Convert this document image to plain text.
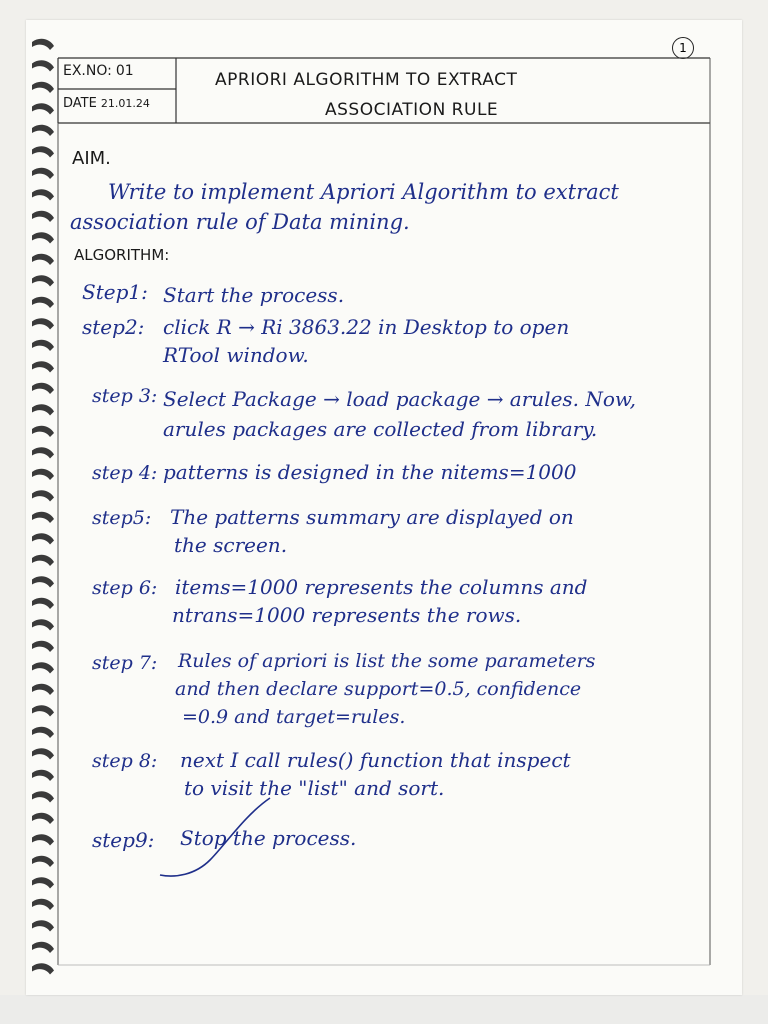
1
EX.NO: 01
DATE 21.01.24
APRIORI ALGORITHM TO EXTRACT
ASSOCIATION RULE
AIM.
Write to implement Apriori Algorithm to extract
association rule of Data mining.
ALGORITHM:
Step1: Start the process.
step2: click R → Ri 3863.22 in Desktop to open
RTool window.
step 3: Select Package → load package → arules. Now,
arules packages are collected from library.
step 4: patterns is designed in the nitems=1000
step5: The patterns summary are displayed on
the screen.
step 6: items=1000 represents the columns and
ntrans=1000 represents the rows.
step 7: Rules of apriori is list the some parameters
and then declare support=0.5, confidence
=0.9 and target=rules.
step 8: next I call rules() function that inspect
to visit the "list" and sort.
step9: Stop the process.
